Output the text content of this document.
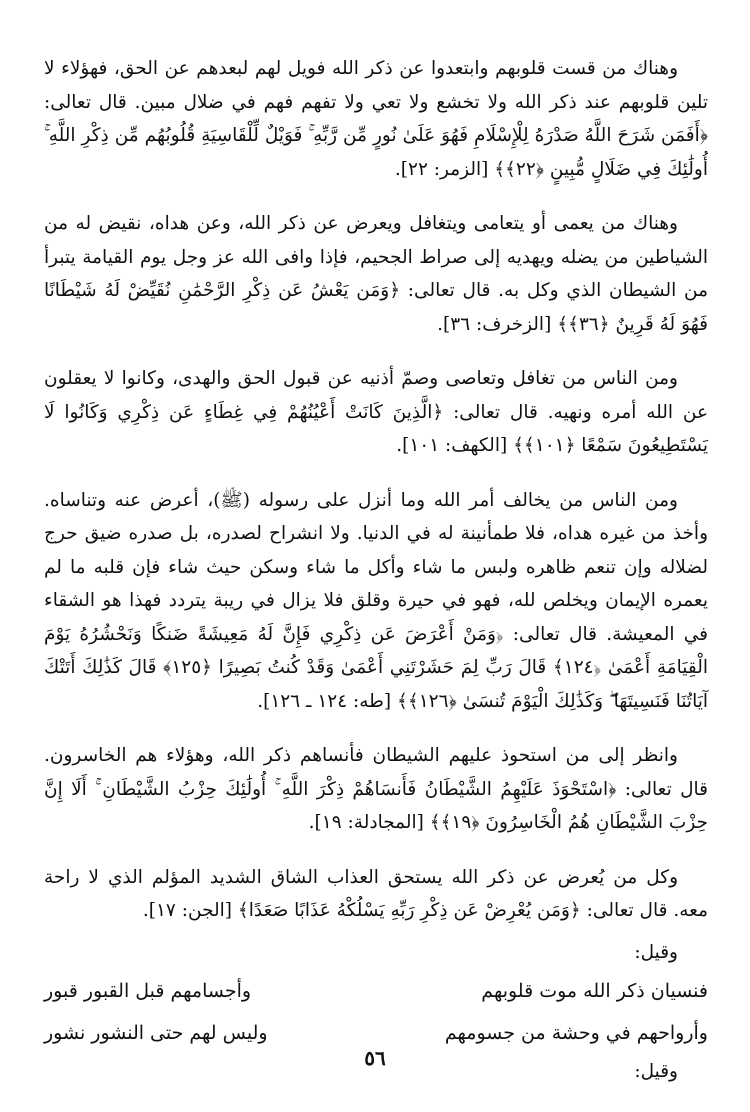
وهناك من قست قلوبهم وابتعدوا عن ذكر الله فويل لهم لبعدهم عن الحق، فهؤلاء لا تلين قلوبهم عند ذكر الله ولا تخشع ولا تعي ولا تفهم فهم في ضلال مبين. قال تعالى: ﴿أَفَمَن شَرَحَ اللَّهُ صَدْرَهُ لِلْإِسْلَامِ فَهُوَ عَلَىٰ نُورٍ مِّن رَّبِّهِ ۚ فَوَيْلٌ لِّلْقَاسِيَةِ قُلُوبُهُم مِّن ذِكْرِ اللَّهِ ۚ أُولَٰئِكَ فِي ضَلَالٍ مُّبِينٍ ﴿٢٢﴾﴾ [الزمر: ٢٢].

وهناك من يعمى أو يتعامى ويتغافل ويعرض عن ذكر الله، وعن هداه، نقيض له من الشياطين من يضله ويهديه إلى صراط الجحيم، فإذا وافى الله عز وجل يوم القيامة يتبرأ من الشيطان الذي وكل به. قال تعالى: ﴿وَمَن يَعْشُ عَن ذِكْرِ الرَّحْمَٰنِ نُقَيِّضْ لَهُ شَيْطَانًا فَهُوَ لَهُ قَرِينٌ ﴿٣٦﴾﴾ [الزخرف: ٣٦].

ومن الناس من تغافل وتعاصى وصمّ أذنيه عن قبول الحق والهدى، وكانوا لا يعقلون عن الله أمره ونهيه. قال تعالى: ﴿الَّذِينَ كَانَتْ أَعْيُنُهُمْ فِي غِطَاءٍ عَن ذِكْرِي وَكَانُوا لَا يَسْتَطِيعُونَ سَمْعًا ﴿١٠١﴾﴾ [الكهف: ١٠١].

ومن الناس من يخالف أمر الله وما أنزل على رسوله (ﷺ)، أعرض عنه وتناساه. وأخذ من غيره هداه، فلا طمأنينة له في الدنيا. ولا انشراح لصدره، بل صدره ضيق حرج لضلاله وإن تنعم ظاهره ولبس ما شاء وأكل ما شاء وسكن حيث شاء فإن قلبه ما لم يعمره الإيمان ويخلص لله، فهو في حيرة وقلق فلا يزال في ريبة يتردد فهذا هو الشقاء في المعيشة. قال تعالى: ﴿وَمَنْ أَعْرَضَ عَن ذِكْرِي فَإِنَّ لَهُ مَعِيشَةً ضَنكًا وَنَحْشُرُهُ يَوْمَ الْقِيَامَةِ أَعْمَىٰ ﴿١٢٤﴾ قَالَ رَبِّ لِمَ حَشَرْتَنِي أَعْمَىٰ وَقَدْ كُنتُ بَصِيرًا ﴿١٢٥﴾ قَالَ كَذَٰلِكَ أَتَتْكَ آيَاتُنَا فَنَسِيتَهَا ۖ وَكَذَٰلِكَ الْيَوْمَ تُنسَىٰ ﴿١٢٦﴾﴾ [طه: ١٢٤ ـ ١٢٦].

وانظر إلى من استحوذ عليهم الشيطان فأنساهم ذكر الله، وهؤلاء هم الخاسرون. قال تعالى: ﴿اسْتَحْوَذَ عَلَيْهِمُ الشَّيْطَانُ فَأَنسَاهُمْ ذِكْرَ اللَّهِ ۚ أُولَٰئِكَ حِزْبُ الشَّيْطَانِ ۚ أَلَا إِنَّ حِزْبَ الشَّيْطَانِ هُمُ الْخَاسِرُونَ ﴿١٩﴾﴾ [المجادلة: ١٩].

وكل من يُعرض عن ذكر الله يستحق العذاب الشاق الشديد المؤلم الذي لا راحة معه. قال تعالى: ﴿وَمَن يُعْرِضْ عَن ذِكْرِ رَبِّهِ يَسْلُكْهُ عَذَابًا صَعَدًا﴾ [الجن: ١٧].

وقيل:

فنسيان ذكر الله موت قلوبهم
وأجسامهم قبل القبور قبور
وأرواحهم في وحشة من جسومهم
وليس لهم حتى النشور نشور

وقيل:

٥٦
